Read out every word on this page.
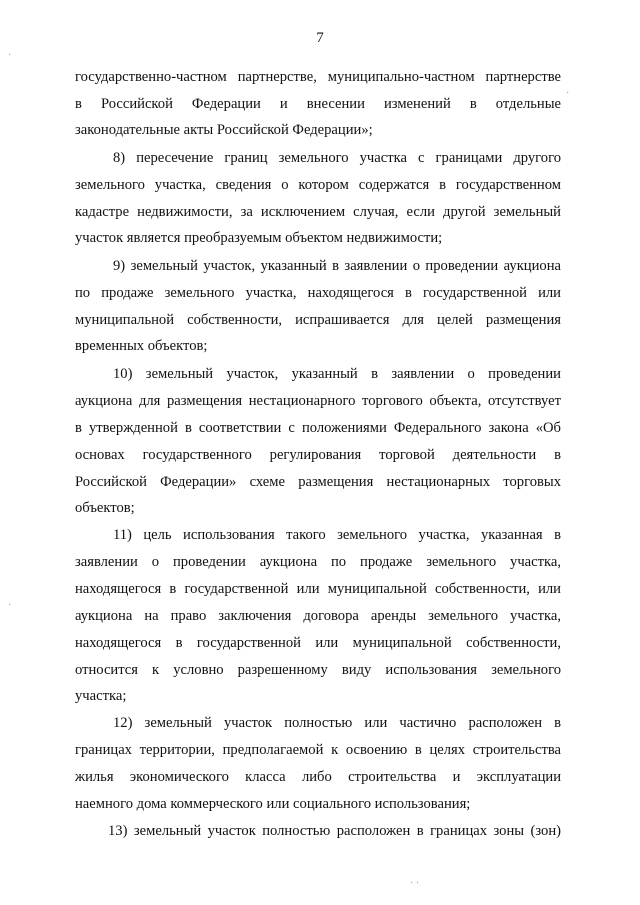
7
государственно-частном партнерстве, муниципально-частном партнерстве
в Российской Федерации и внесении изменений в отдельные
законодательные акты Российской Федерации»;
8) пересечение границ земельного участка с границами другого
земельного участка, сведения о котором содержатся в государственном
кадастре недвижимости, за исключением случая, если другой земельный
участок является преобразуемым объектом недвижимости;
9) земельный участок, указанный в заявлении о проведении аукциона
по продаже земельного участка, находящегося в государственной или
муниципальной собственности, испрашивается для целей размещения
временных объектов;
10) земельный участок, указанный в заявлении о проведении
аукциона для размещения нестационарного торгового объекта, отсутствует
в утвержденной в соответствии с положениями Федерального закона «Об
основах государственного регулирования торговой деятельности в
Российской Федерации» схеме размещения нестационарных торговых
объектов;
11) цель использования такого земельного участка, указанная в
заявлении о проведении аукциона по продаже земельного участка,
находящегося в государственной или муниципальной собственности, или
аукциона на право заключения договора аренды земельного участка,
находящегося в государственной или муниципальной собственности,
относится к условно разрешенному виду использования земельного
участка;
12) земельный участок полностью или частично расположен в
границах территории, предполагаемой к освоению в целях строительства
жилья экономического класса либо строительства и эксплуатации
наемного дома коммерческого или социального использования;
13) земельный участок полностью расположен в границах зоны (зон)
·
·
·
· ·
